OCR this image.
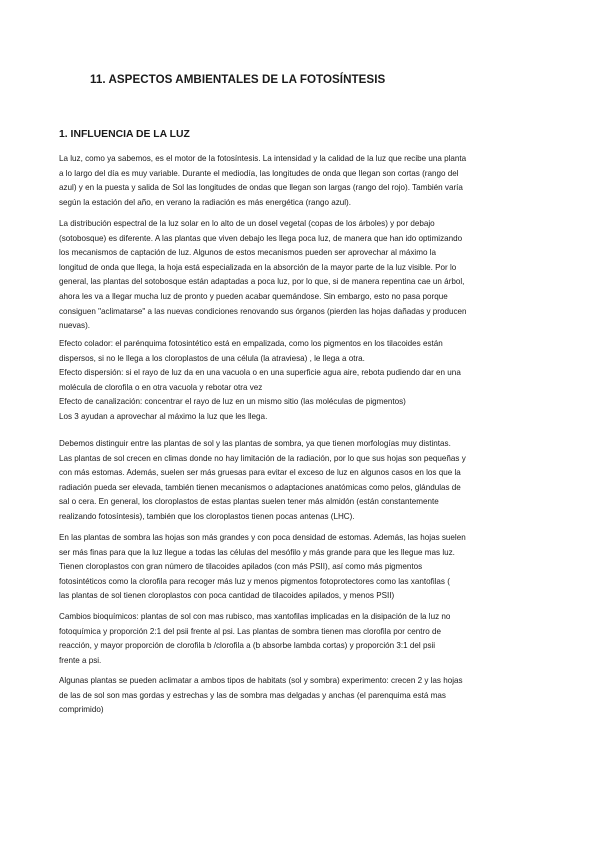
11. ASPECTOS AMBIENTALES DE LA FOTOSÍNTESIS
1. INFLUENCIA DE LA LUZ
La luz, como ya sabemos, es el motor de la fotosíntesis. La intensidad y la calidad de la luz que recibe una planta
a lo largo del día es muy variable. Durante el mediodía, las longitudes de onda que llegan son cortas (rango del
azul) y en la puesta y salida de Sol las longitudes de ondas que llegan son largas (rango del rojo). También varía
según la estación del año, en verano la radiación es más energética (rango azul).
La distribución espectral de la luz solar en lo alto de un dosel vegetal (copas de los árboles) y por debajo
(sotobosque) es diferente. A las plantas que viven debajo les llega poca luz, de manera que han ido optimizando
los mecanismos de captación de luz. Algunos de estos mecanismos pueden ser aprovechar al máximo la
longitud de onda que llega, la hoja está especializada en la absorción de la mayor parte de la luz visible. Por lo
general, las plantas del sotobosque están adaptadas a poca luz, por lo que, si de manera repentina cae un árbol,
ahora les va a llegar mucha luz de pronto y pueden acabar quemándose. Sin embargo, esto no pasa porque
consiguen "aclimatarse" a las nuevas condiciones renovando sus órganos (pierden las hojas dañadas y producen
nuevas).
Efecto colador: el parénquima fotosintético está en empalizada, como los pigmentos en los tilacoides están
dispersos, si no le llega a los cloroplastos de una célula (la atraviesa) , le llega a otra.
Efecto dispersión: si el rayo de luz da en una vacuola o en una superficie agua aire, rebota pudiendo dar en una
molécula de clorofila o en otra vacuola y rebotar otra vez
Efecto de canalización: concentrar el rayo de luz en un mismo sitio (las moléculas de pigmentos)
Los 3 ayudan a aprovechar al máximo la luz que les llega.
Debemos distinguir entre las plantas de sol y las plantas de sombra, ya que tienen morfologías muy distintas.
Las plantas de sol crecen en climas donde no hay limitación de la radiación, por lo que sus hojas son pequeñas y
con más estomas. Además, suelen ser más gruesas para evitar el exceso de luz en algunos casos en los que la
radiación pueda ser elevada, también tienen mecanismos o adaptaciones anatómicas como pelos, glándulas de
sal o cera. En general, los cloroplastos de estas plantas suelen tener más almidón (están constantemente
realizando fotosíntesis), también que los cloroplastos tienen pocas antenas (LHC).
En las plantas de sombra las hojas son más grandes y con poca densidad de estomas. Además, las hojas suelen
ser más finas para que la luz llegue a todas las células del mesófilo y más grande para que les llegue mas luz.
Tienen cloroplastos con gran número de tilacoides apilados (con más PSII), así como más pigmentos
fotosintéticos como la clorofila para recoger más luz y menos pigmentos fotoprotectores como las xantofilas (
las plantas de sol tienen cloroplastos con poca cantidad de tilacoides apilados, y menos PSII)
Cambios bioquímicos: plantas de sol con mas rubisco, mas xantofilas implicadas en la disipación de la luz no
fotoquímica y proporción 2:1 del psii frente al psi. Las plantas de sombra tienen mas clorofila por centro de
reacción, y mayor proporción de clorofila b /clorofila a (b absorbe lambda cortas) y proporción 3:1 del psii
frente a psi.
Algunas plantas se pueden aclimatar a ambos tipos de habitats (sol y sombra) experimento: crecen 2 y las hojas
de las de sol son mas gordas y estrechas y las de sombra mas delgadas y anchas (el parenquima está mas
comprimido)
